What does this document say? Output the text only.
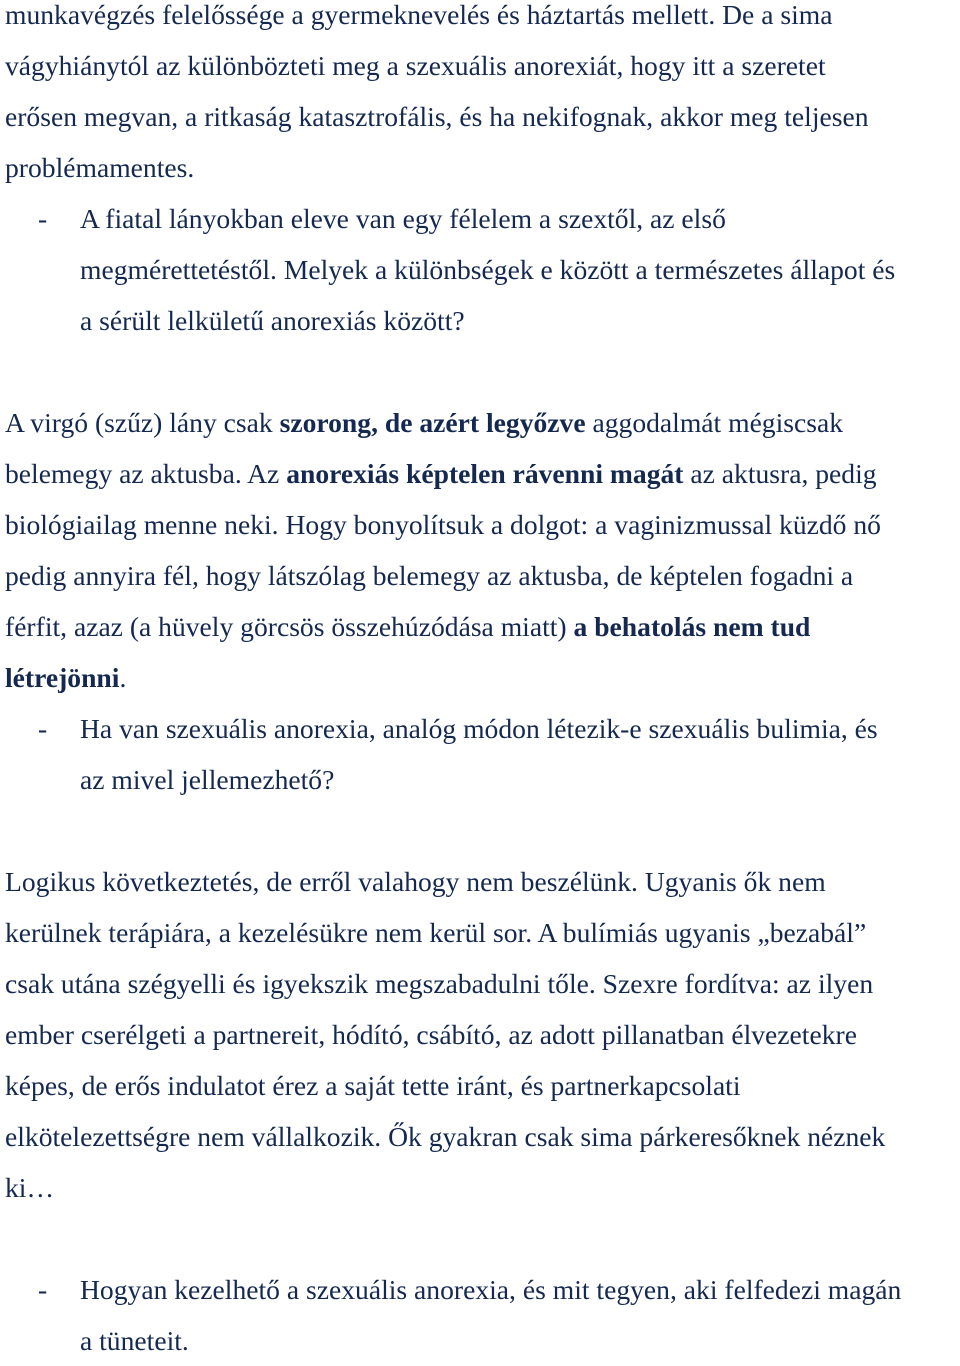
munkavégzés felelőssége a gyermeknevelés és háztartás mellett. De a sima

vágyhiánytól az különbözteti meg a szexuális anorexiát, hogy itt a szeretet

erősen megvan, a ritkaság katasztrofális, és ha nekifognak, akkor meg teljesen

problémamentes.

- A fiatal lányokban eleve van egy félelem a szextől, az első

megmérettetéstől. Melyek a különbségek e között a természetes állapot és

a sérült lelkületű anorexiás között?

A virgó (szűz) lány csak szorong, de azért legyőzve aggodalmát mégiscsak

belemegy az aktusba. Az anorexiás képtelen rávenni magát az aktusra, pedig

biológiailag menne neki. Hogy bonyolítsuk a dolgot: a vaginizmussal küzdő nő

pedig annyira fél, hogy látszólag belemegy az aktusba, de képtelen fogadni a

férfit, azaz (a hüvely görcsös összehúzódása miatt) a behatolás nem tud

létrejönni.

- Ha van szexuális anorexia, analóg módon létezik-e szexuális bulimia, és

az mivel jellemezhető?

Logikus következtetés, de erről valahogy nem beszélünk. Ugyanis ők nem

kerülnek terápiára, a kezelésükre nem kerül sor. A bulímiás ugyanis „bezabál”

csak utána szégyelli és igyekszik megszabadulni tőle. Szexre fordítva: az ilyen

ember cserélgeti a partnereit, hódító, csábító, az adott pillanatban élvezetekre

képes, de erős indulatot érez a saját tette iránt, és partnerkapcsolati

elkötelezettségre nem vállalkozik. Ők gyakran csak sima párkeresőknek néznek

ki…

- Hogyan kezelhető a szexuális anorexia, és mit tegyen, aki felfedezi magán

a tüneteit.
